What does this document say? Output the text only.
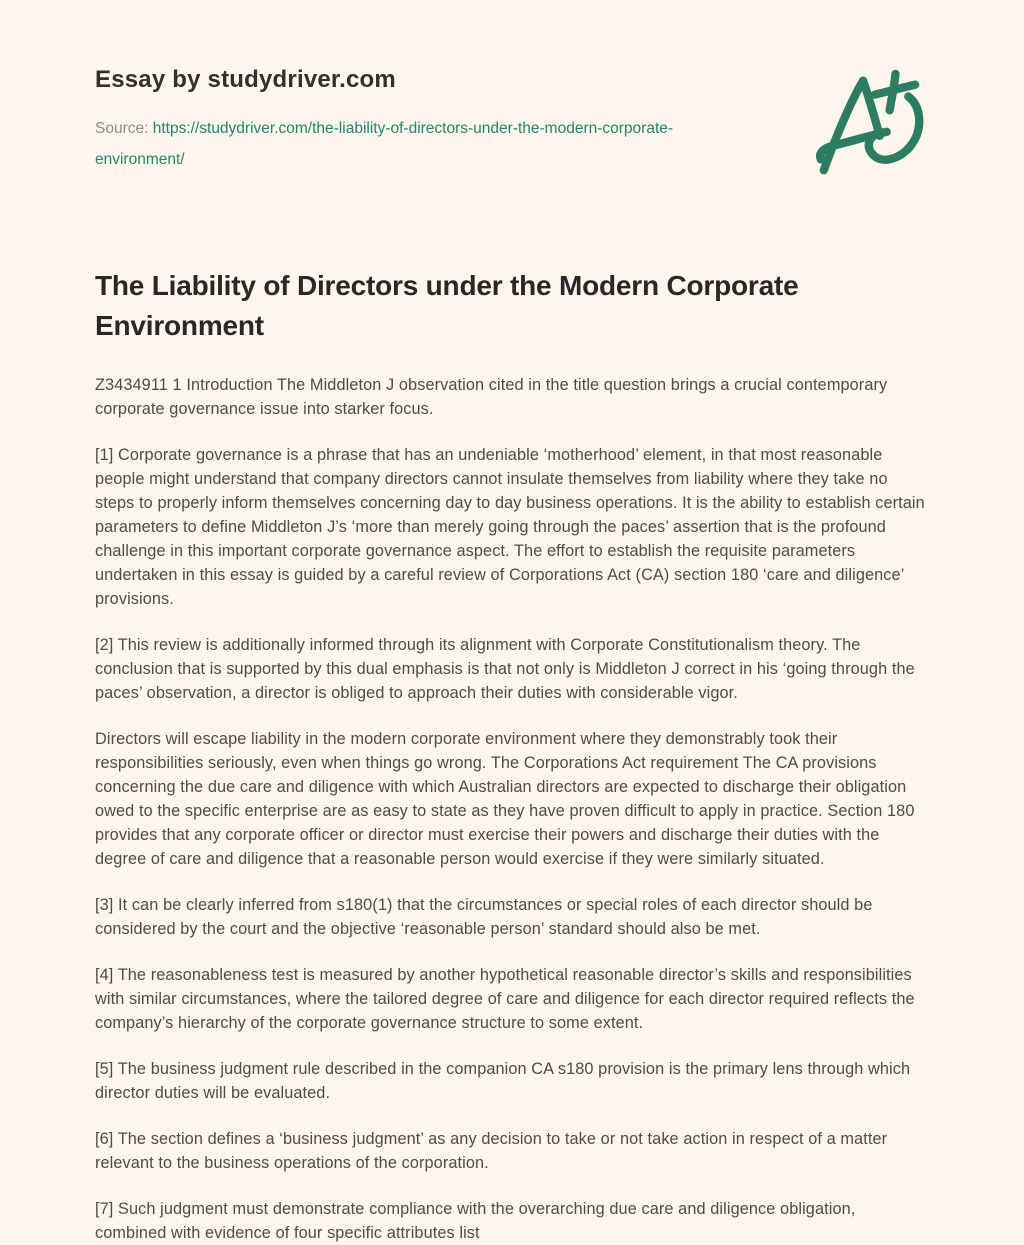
Essay by studydriver.com

Source: https://studydriver.com/the-liability-of-directors-under-the-modern-corporate-environment/

The Liability of Directors under the Modern Corporate Environment

Z3434911 1 Introduction The Middleton J observation cited in the title question brings a crucial contemporary corporate governance issue into starker focus.

[1] Corporate governance is a phrase that has an undeniable ‘motherhood’ element, in that most reasonable people might understand that company directors cannot insulate themselves from liability where they take no steps to properly inform themselves concerning day to day business operations. It is the ability to establish certain parameters to define Middleton J’s ‘more than merely going through the paces’ assertion that is the profound challenge in this important corporate governance aspect. The effort to establish the requisite parameters undertaken in this essay is guided by a careful review of Corporations Act (CA) section 180 ‘care and diligence’ provisions.

[2] This review is additionally informed through its alignment with Corporate Constitutionalism theory. The conclusion that is supported by this dual emphasis is that not only is Middleton J correct in his ‘going through the paces’ observation, a director is obliged to approach their duties with considerable vigor.

Directors will escape liability in the modern corporate environment where they demonstrably took their responsibilities seriously, even when things go wrong. The Corporations Act requirement The CA provisions concerning the due care and diligence with which Australian directors are expected to discharge their obligation owed to the specific enterprise are as easy to state as they have proven difficult to apply in practice. Section 180 provides that any corporate officer or director must exercise their powers and discharge their duties with the degree of care and diligence that a reasonable person would exercise if they were similarly situated.

[3] It can be clearly inferred from s180(1) that the circumstances or special roles of each director should be considered by the court and the objective ‘reasonable person’ standard should also be met.

[4] The reasonableness test is measured by another hypothetical reasonable director’s skills and responsibilities with similar circumstances, where the tailored degree of care and diligence for each director required reflects the company’s hierarchy of the corporate governance structure to some extent.

[5] The business judgment rule described in the companion CA s180 provision is the primary lens through which director duties will be evaluated.

[6] The section defines a ‘business judgment’ as any decision to take or not take action in respect of a matter relevant to the business operations of the corporation.

[7] Such judgment must demonstrate compliance with the overarching due care and diligence obligation, combined with evidence of four specific attributes list
